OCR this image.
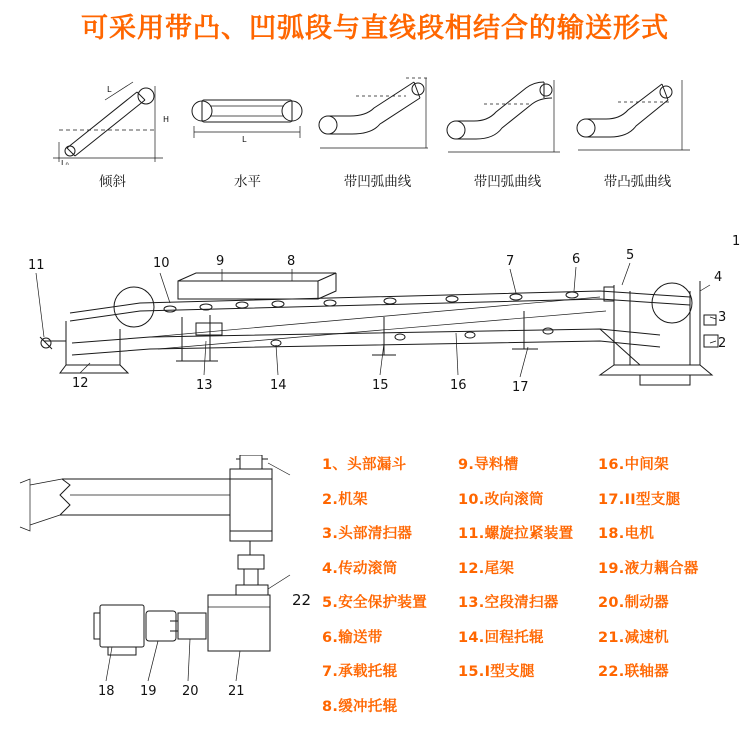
可采用带凸、凹弧段与直线段相结合的输送形式
L
L₀
H
倾斜
L
水平	带凹弧曲线	带凹弧曲线	带凸弧曲线
10	9	8	7	6	5
11
12	13	14	15	16	17
4
3
2
1
18 19 20 21
22
1、头部漏斗
2.机架
3.头部清扫器
4.传动滚筒
5.安全保护装置
6.输送带
7.承载托辊
8.缓冲托辊
9.导料槽
10.改向滚筒
11.螺旋拉紧装置
12.尾架
13.空段清扫器
14.回程托辊
15.I型支腿
16.中间架
17.II型支腿
18.电机
19.液力耦合器
20.制动器
21.减速机
22.联轴器
